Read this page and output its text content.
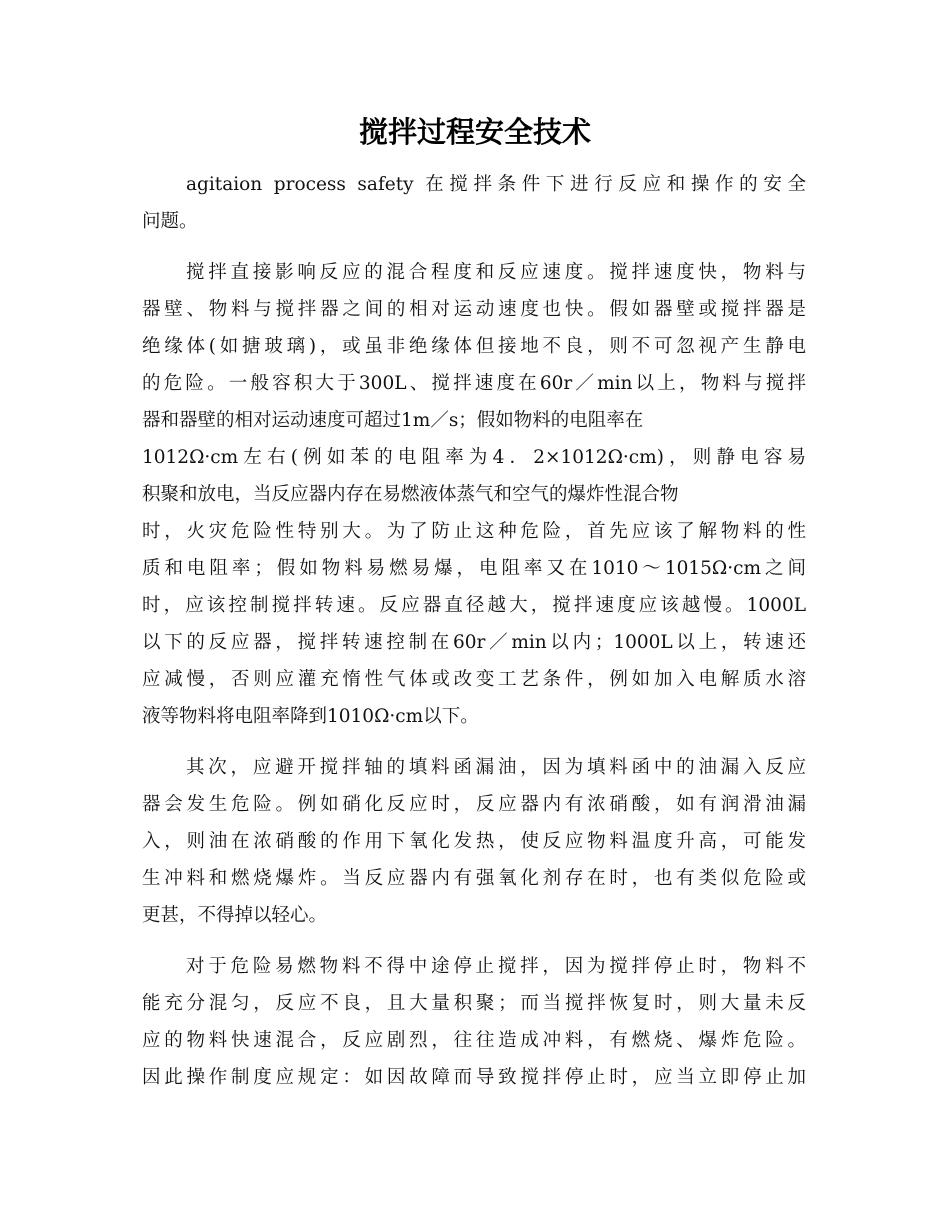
搅拌过程安全技术
agitaion process safety 在搅拌条件下进行反应和操作的安全
问题。
搅拌直接影响反应的混合程度和反应速度。搅拌速度快，物料与
器壁、物料与搅拌器之间的相对运动速度也快。假如器壁或搅拌器是
绝缘体(如搪玻璃)，或虽非绝缘体但接地不良，则不可忽视产生静电
的危险。一般容积大于300L、搅拌速度在60r／min以上，物料与搅拌
器和器壁的相对运动速度可超过1m／s；假如物料的电阻率在
1012Ω·cm左右(例如苯的电阻率为4．2×1012Ω·cm)，则静电容易
积聚和放电，当反应器内存在易燃液体蒸气和空气的爆炸性混合物
时，火灾危险性特别大。为了防止这种危险，首先应该了解物料的性
质和电阻率；假如物料易燃易爆，电阻率又在1010～1015Ω·cm之间
时，应该控制搅拌转速。反应器直径越大，搅拌速度应该越慢。1000L
以下的反应器，搅拌转速控制在60r／min以内；1000L以上，转速还
应减慢，否则应灌充惰性气体或改变工艺条件，例如加入电解质水溶
液等物料将电阻率降到1010Ω·cm以下。
其次，应避开搅拌轴的填料函漏油，因为填料函中的油漏入反应
器会发生危险。例如硝化反应时，反应器内有浓硝酸，如有润滑油漏
入，则油在浓硝酸的作用下氧化发热，使反应物料温度升高，可能发
生冲料和燃烧爆炸。当反应器内有强氧化剂存在时，也有类似危险或
更甚，不得掉以轻心。
对于危险易燃物料不得中途停止搅拌，因为搅拌停止时，物料不
能充分混匀，反应不良，且大量积聚；而当搅拌恢复时，则大量未反
应的物料快速混合，反应剧烈，往往造成冲料，有燃烧、爆炸危险。
因此操作制度应规定：如因故障而导致搅拌停止时，应当立即停止加
